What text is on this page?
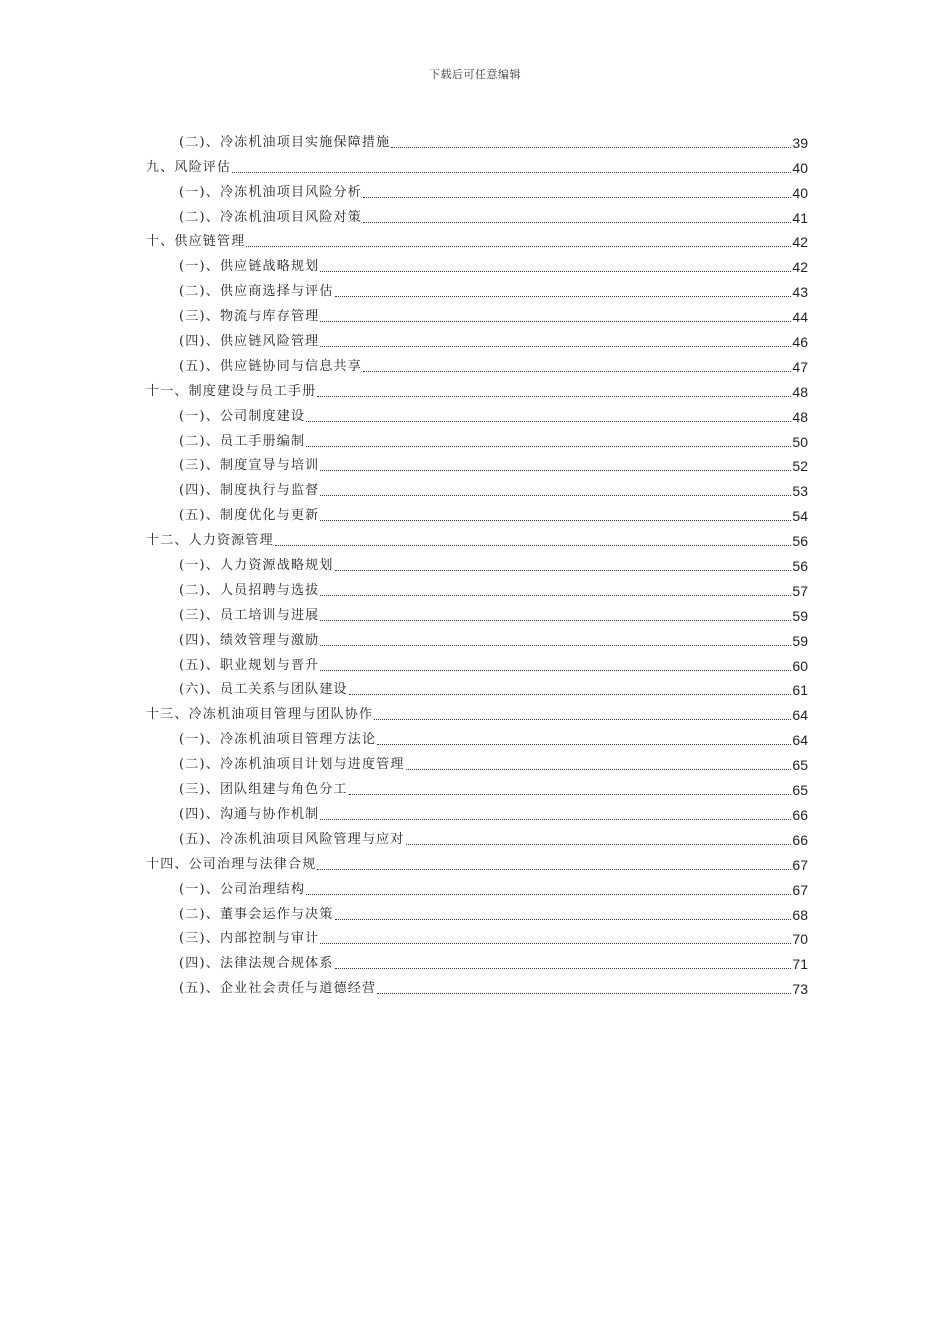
下载后可任意编辑
(二)、冷冻机油项目实施保障措施	39
九、风险评估	40
(一)、冷冻机油项目风险分析	40
(二)、冷冻机油项目风险对策	41
十、供应链管理	42
(一)、供应链战略规划	42
(二)、供应商选择与评估	43
(三)、物流与库存管理	44
(四)、供应链风险管理	46
(五)、供应链协同与信息共享	47
十一、制度建设与员工手册	48
(一)、公司制度建设	48
(二)、员工手册编制	50
(三)、制度宣导与培训	52
(四)、制度执行与监督	53
(五)、制度优化与更新	54
十二、人力资源管理	56
(一)、人力资源战略规划	56
(二)、人员招聘与选拔	57
(三)、员工培训与进展	59
(四)、绩效管理与激励	59
(五)、职业规划与晋升	60
(六)、员工关系与团队建设	61
十三、冷冻机油项目管理与团队协作	64
(一)、冷冻机油项目管理方法论	64
(二)、冷冻机油项目计划与进度管理	65
(三)、团队组建与角色分工	65
(四)、沟通与协作机制	66
(五)、冷冻机油项目风险管理与应对	66
十四、公司治理与法律合规	67
(一)、公司治理结构	67
(二)、董事会运作与决策	68
(三)、内部控制与审计	70
(四)、法律法规合规体系	71
(五)、企业社会责任与道德经营	73
